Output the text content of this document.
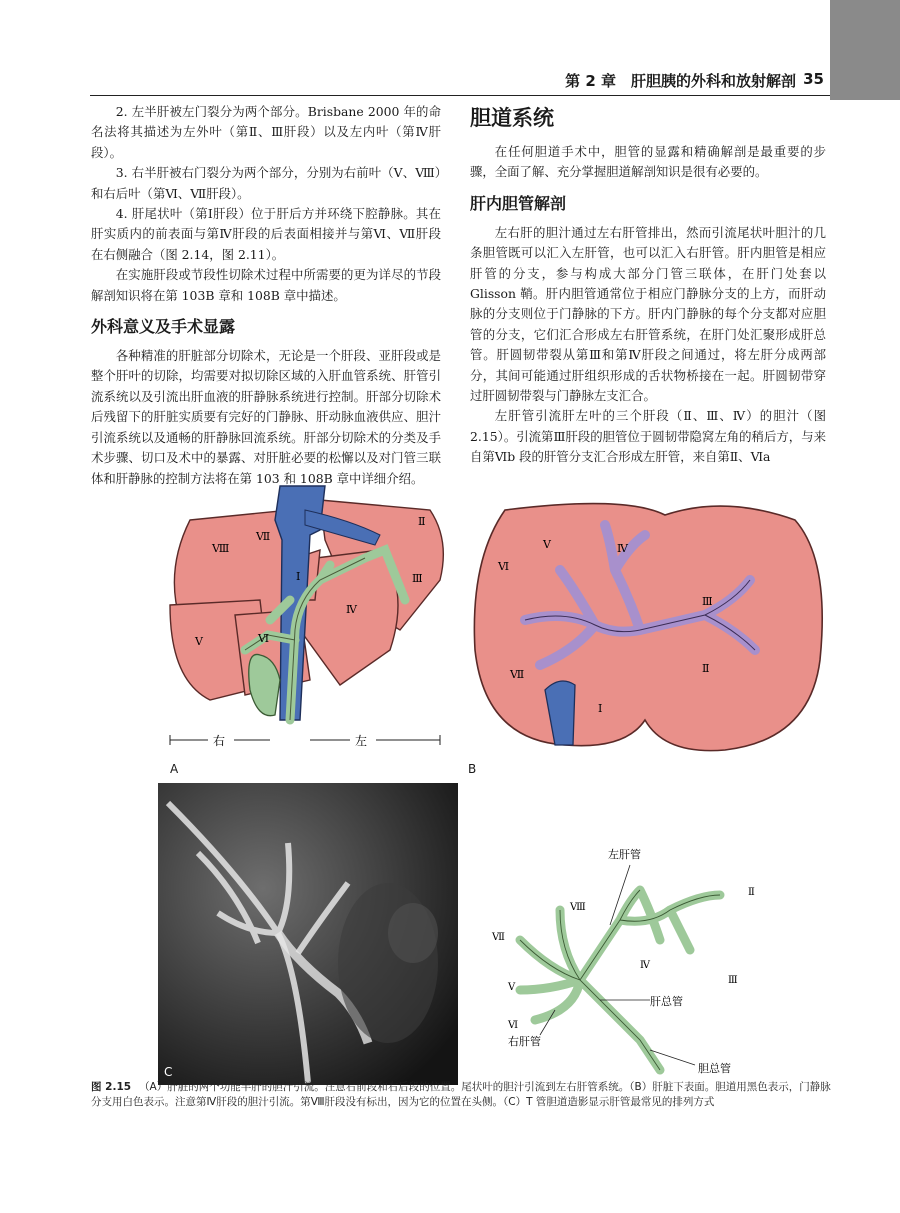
第 2 章　肝胆胰的外科和放射解剖 35

2. 左半肝被左门裂分为两个部分。Brisbane 2000 年的命名法将其描述为左外叶（第Ⅱ、Ⅲ肝段）以及左内叶（第Ⅳ肝段）。

3. 右半肝被右门裂分为两个部分，分别为右前叶（Ⅴ、Ⅷ）和右后叶（第Ⅵ、Ⅶ肝段）。

4. 肝尾状叶（第Ⅰ肝段）位于肝后方并环绕下腔静脉。其在肝实质内的前表面与第Ⅳ肝段的后表面相接并与第Ⅵ、Ⅶ肝段在右侧融合（图 2.14，图 2.11）。

在实施肝段或节段性切除术过程中所需要的更为详尽的节段解剖知识将在第 103B 章和 108B 章中描述。

外科意义及手术显露

各种精准的肝脏部分切除术，无论是一个肝段、亚肝段或是整个肝叶的切除，均需要对拟切除区域的入肝血管系统、肝管引流系统以及引流出肝血液的肝静脉系统进行控制。肝部分切除术后残留下的肝脏实质要有完好的门静脉、肝动脉血液供应、胆汁引流系统以及通畅的肝静脉回流系统。肝部分切除术的分类及手术步骤、切口及术中的暴露、对肝脏必要的松懈以及对门管三联体和肝静脉的控制方法将在第 103 和 108B 章中详细介绍。

胆道系统

在任何胆道手术中，胆管的显露和精确解剖是最重要的步骤，全面了解、充分掌握胆道解剖知识是很有必要的。

肝内胆管解剖

左右肝的胆汁通过左右肝管排出，然而引流尾状叶胆汁的几条胆管既可以汇入左肝管，也可以汇入右肝管。肝内胆管是相应肝管的分支，参与构成大部分门管三联体，在肝门处套以 Glisson 鞘。肝内胆管通常位于相应门静脉分支的上方，而肝动脉的分支则位于门静脉的下方。肝内门静脉的每个分支都对应胆管的分支，它们汇合形成左右肝管系统，在肝门处汇聚形成肝总管。肝圆韧带裂从第Ⅲ和第Ⅳ肝段之间通过，将左肝分成两部分，其间可能通过肝组织形成的舌状物桥接在一起。肝圆韧带穿过肝圆韧带裂与门静脉左支汇合。

左肝管引流肝左叶的三个肝段（Ⅱ、Ⅲ、Ⅳ）的胆汁（图 2.15）。引流第Ⅲ肝段的胆管位于圆韧带隐窝左角的稍后方，与来自第Ⅵb 段的肝管分支汇合形成左肝管，来自第Ⅱ、Ⅵa

Ⅷ
Ⅶ
Ⅱ
Ⅰ	Ⅲ
Ⅳ
Ⅴ	Ⅵ
右	左
A
Ⅵ
Ⅴ	Ⅳ
Ⅲ
Ⅱ
Ⅶ
Ⅰ
B
C
左肝管
肝总管
右肝管
胆总管
Ⅱ
Ⅷ
Ⅶ
Ⅳ
Ⅲ
Ⅴ
Ⅵ
图 2.15 （A）肝脏的两个功能半肝的胆汁引流。注意右前段和右后段的位置。尾状叶的胆汁引流到左右肝管系统。（B）肝脏下表面。胆道用黑色表示，门静脉分支用白色表示。注意第Ⅳ肝段的胆汁引流。第Ⅷ肝段没有标出，因为它的位置在头侧。（C）T 管胆道造影显示肝管最常见的排列方式
